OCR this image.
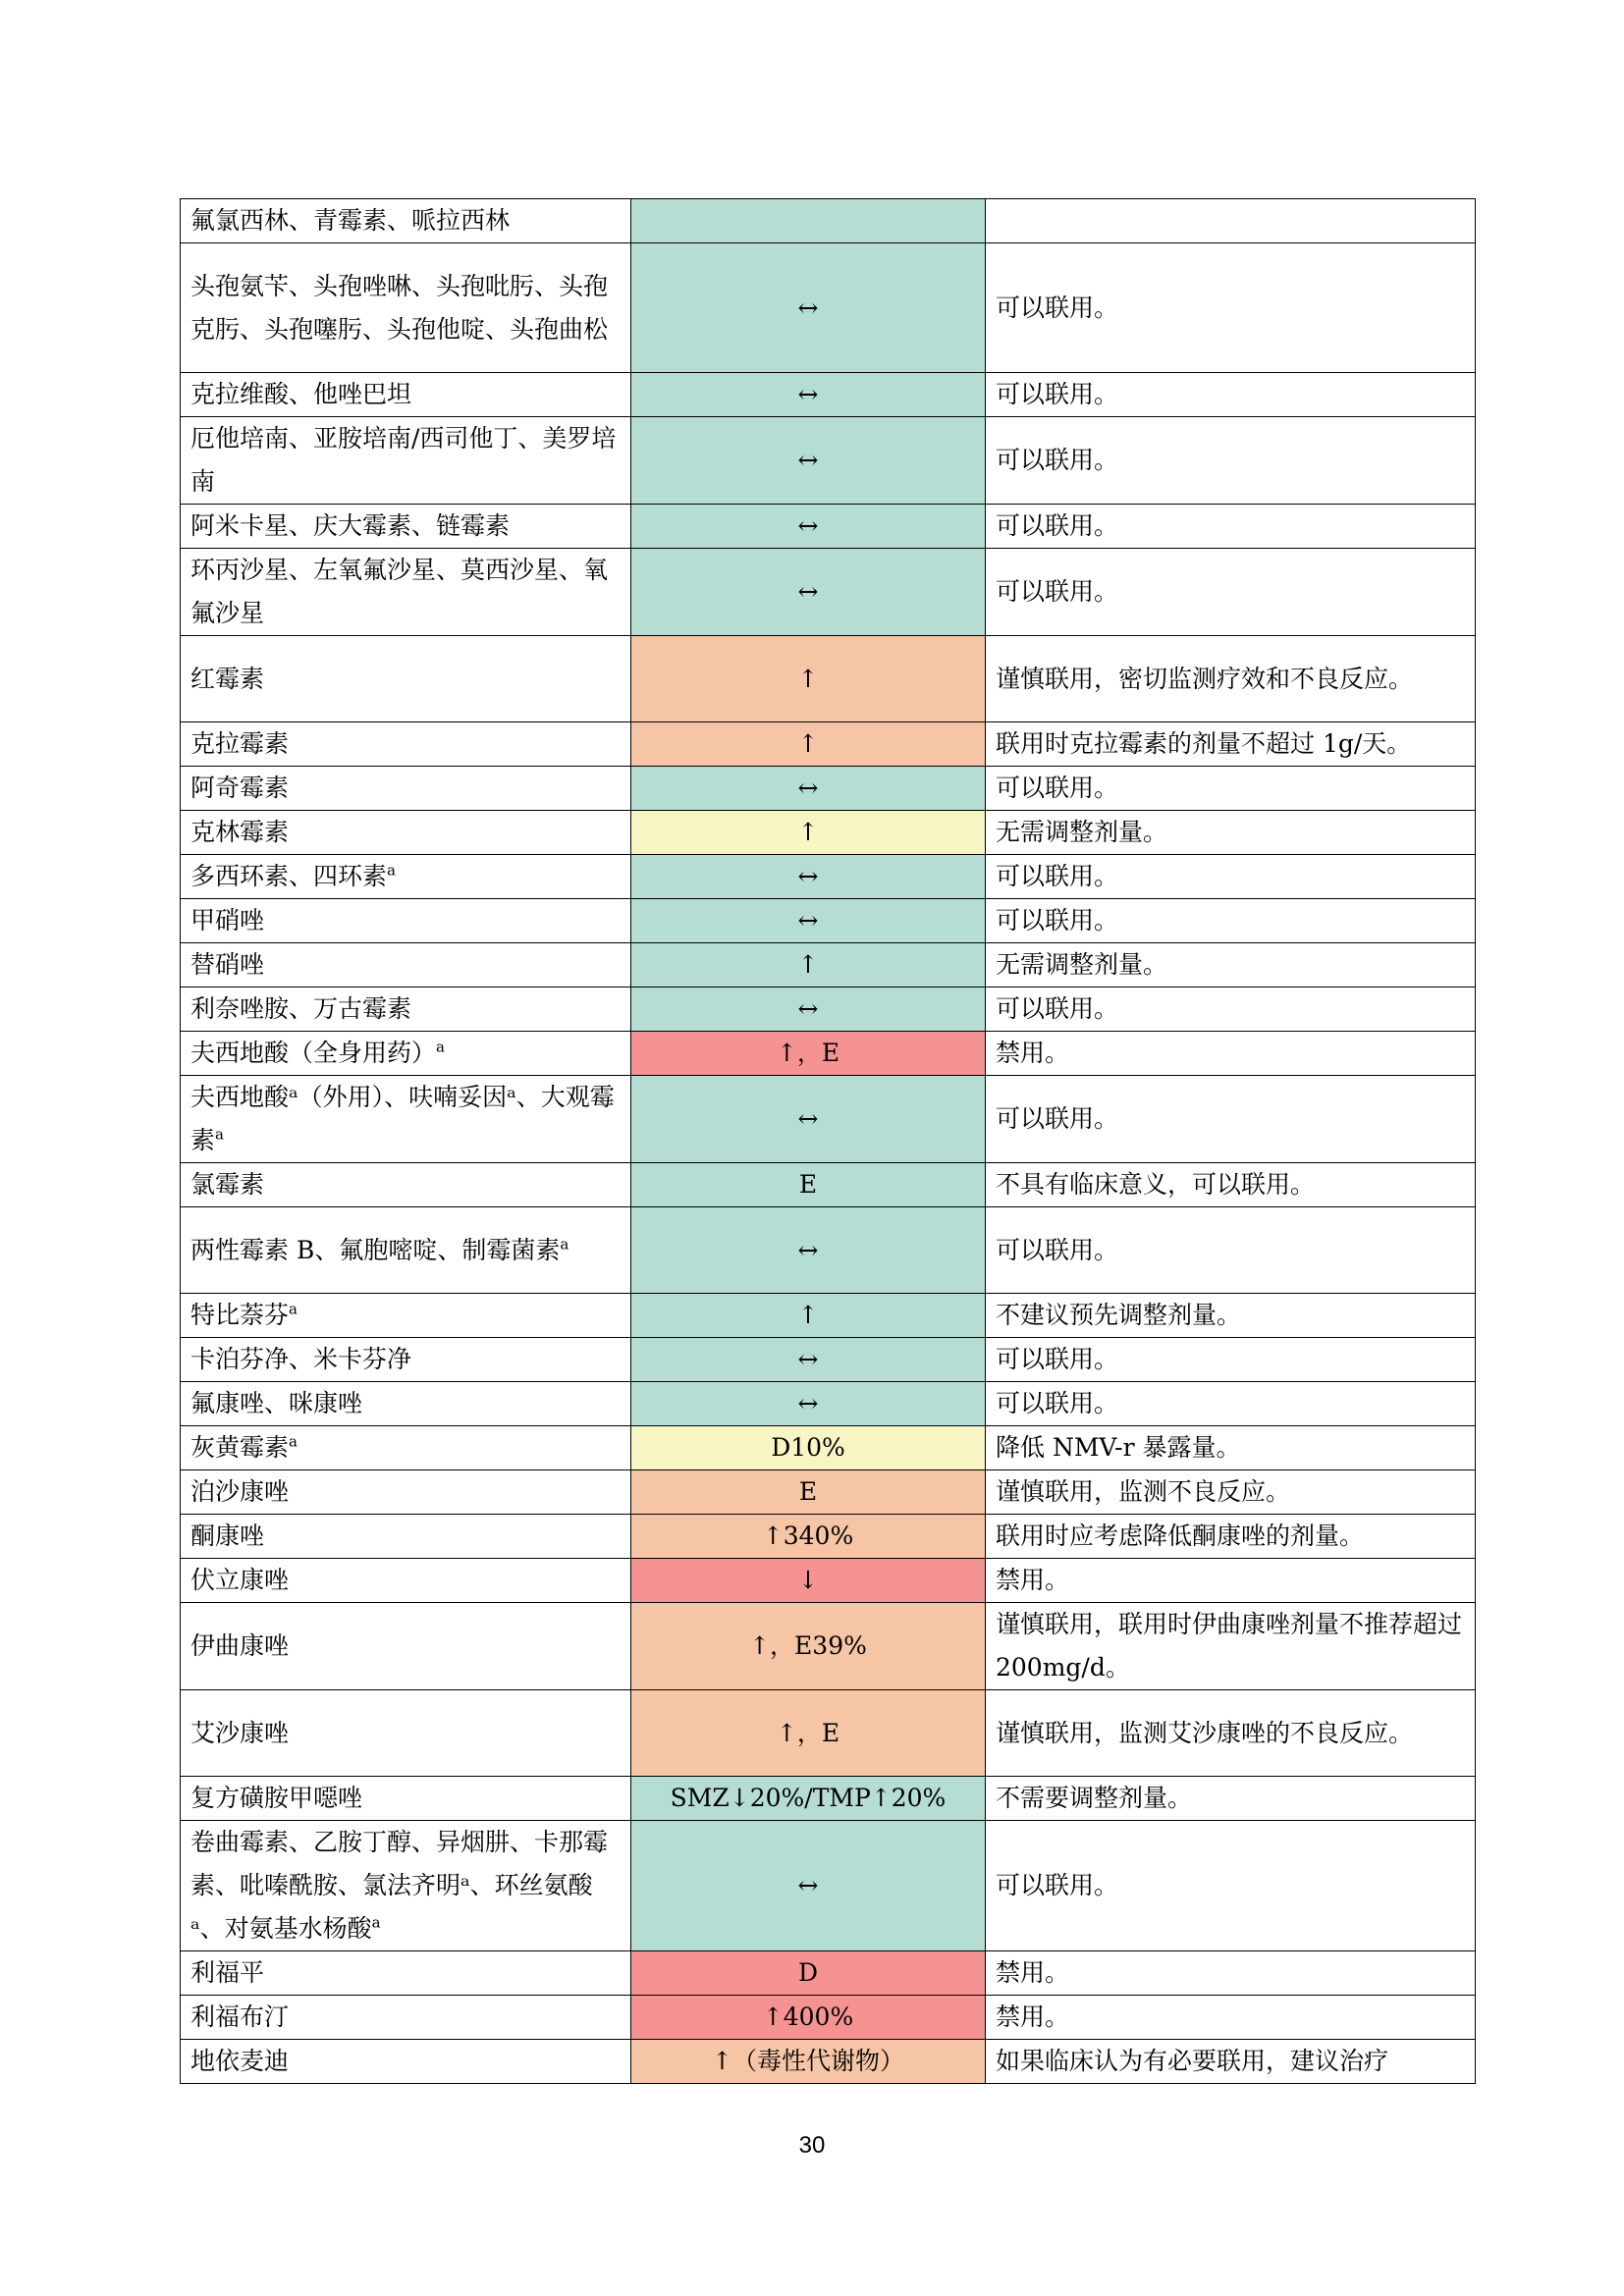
氟氯西林、青霉素、哌拉西林		
头孢氨苄、头孢唑啉、头孢吡肟、头孢克肟、头孢噻肟、头孢他啶、头孢曲松	↔	可以联用。
克拉维酸、他唑巴坦	↔	可以联用。
厄他培南、亚胺培南/西司他丁、美罗培南	↔	可以联用。
阿米卡星、庆大霉素、链霉素	↔	可以联用。
环丙沙星、左氧氟沙星、莫西沙星、氧氟沙星	↔	可以联用。
红霉素	↑	谨慎联用，密切监测疗效和不良反应。
克拉霉素	↑	联用时克拉霉素的剂量不超过 1g/天。
阿奇霉素	↔	可以联用。
克林霉素	↑	无需调整剂量。
多西环素、四环素$^a$	↔	可以联用。
甲硝唑	↔	可以联用。
替硝唑	↑	无需调整剂量。
利奈唑胺、万古霉素	↔	可以联用。
夫西地酸（全身用药）$^a$	↑，E	禁用。
夫西地酸ᵃ（外用）、呋喃妥因ᵃ、大观霉素$^a$	↔	可以联用。
氯霉素	E	不具有临床意义，可以联用。
两性霉素 B、氟胞嘧啶、制霉菌素$^a$	↔	可以联用。
特比萘芬$^a$	↑	不建议预先调整剂量。
卡泊芬净、米卡芬净	↔	可以联用。
氟康唑、咪康唑	↔	可以联用。
灰黄霉素$^a$	D10%	降低 NMV-r 暴露量。
泊沙康唑	E	谨慎联用，监测不良反应。
酮康唑	↑340%	联用时应考虑降低酮康唑的剂量。
伏立康唑	↓	禁用。
伊曲康唑	↑，E39%	谨慎联用，联用时伊曲康唑剂量不推荐超过 200mg/d。
艾沙康唑	↑，E	谨慎联用，监测艾沙康唑的不良反应。
复方磺胺甲噁唑	SMZ↓20%/TMP↑20%	不需要调整剂量。
卷曲霉素、乙胺丁醇、异烟肼、卡那霉素、吡嗪酰胺、氯法齐明ᵃ、环丝氨酸ᵃ、对氨基水杨酸$^a$	↔	可以联用。
利福平	D	禁用。
利福布汀	↑400%	禁用。
地依麦迪	↑（毒性代谢物）	如果临床认为有必要联用，建议治疗
30
